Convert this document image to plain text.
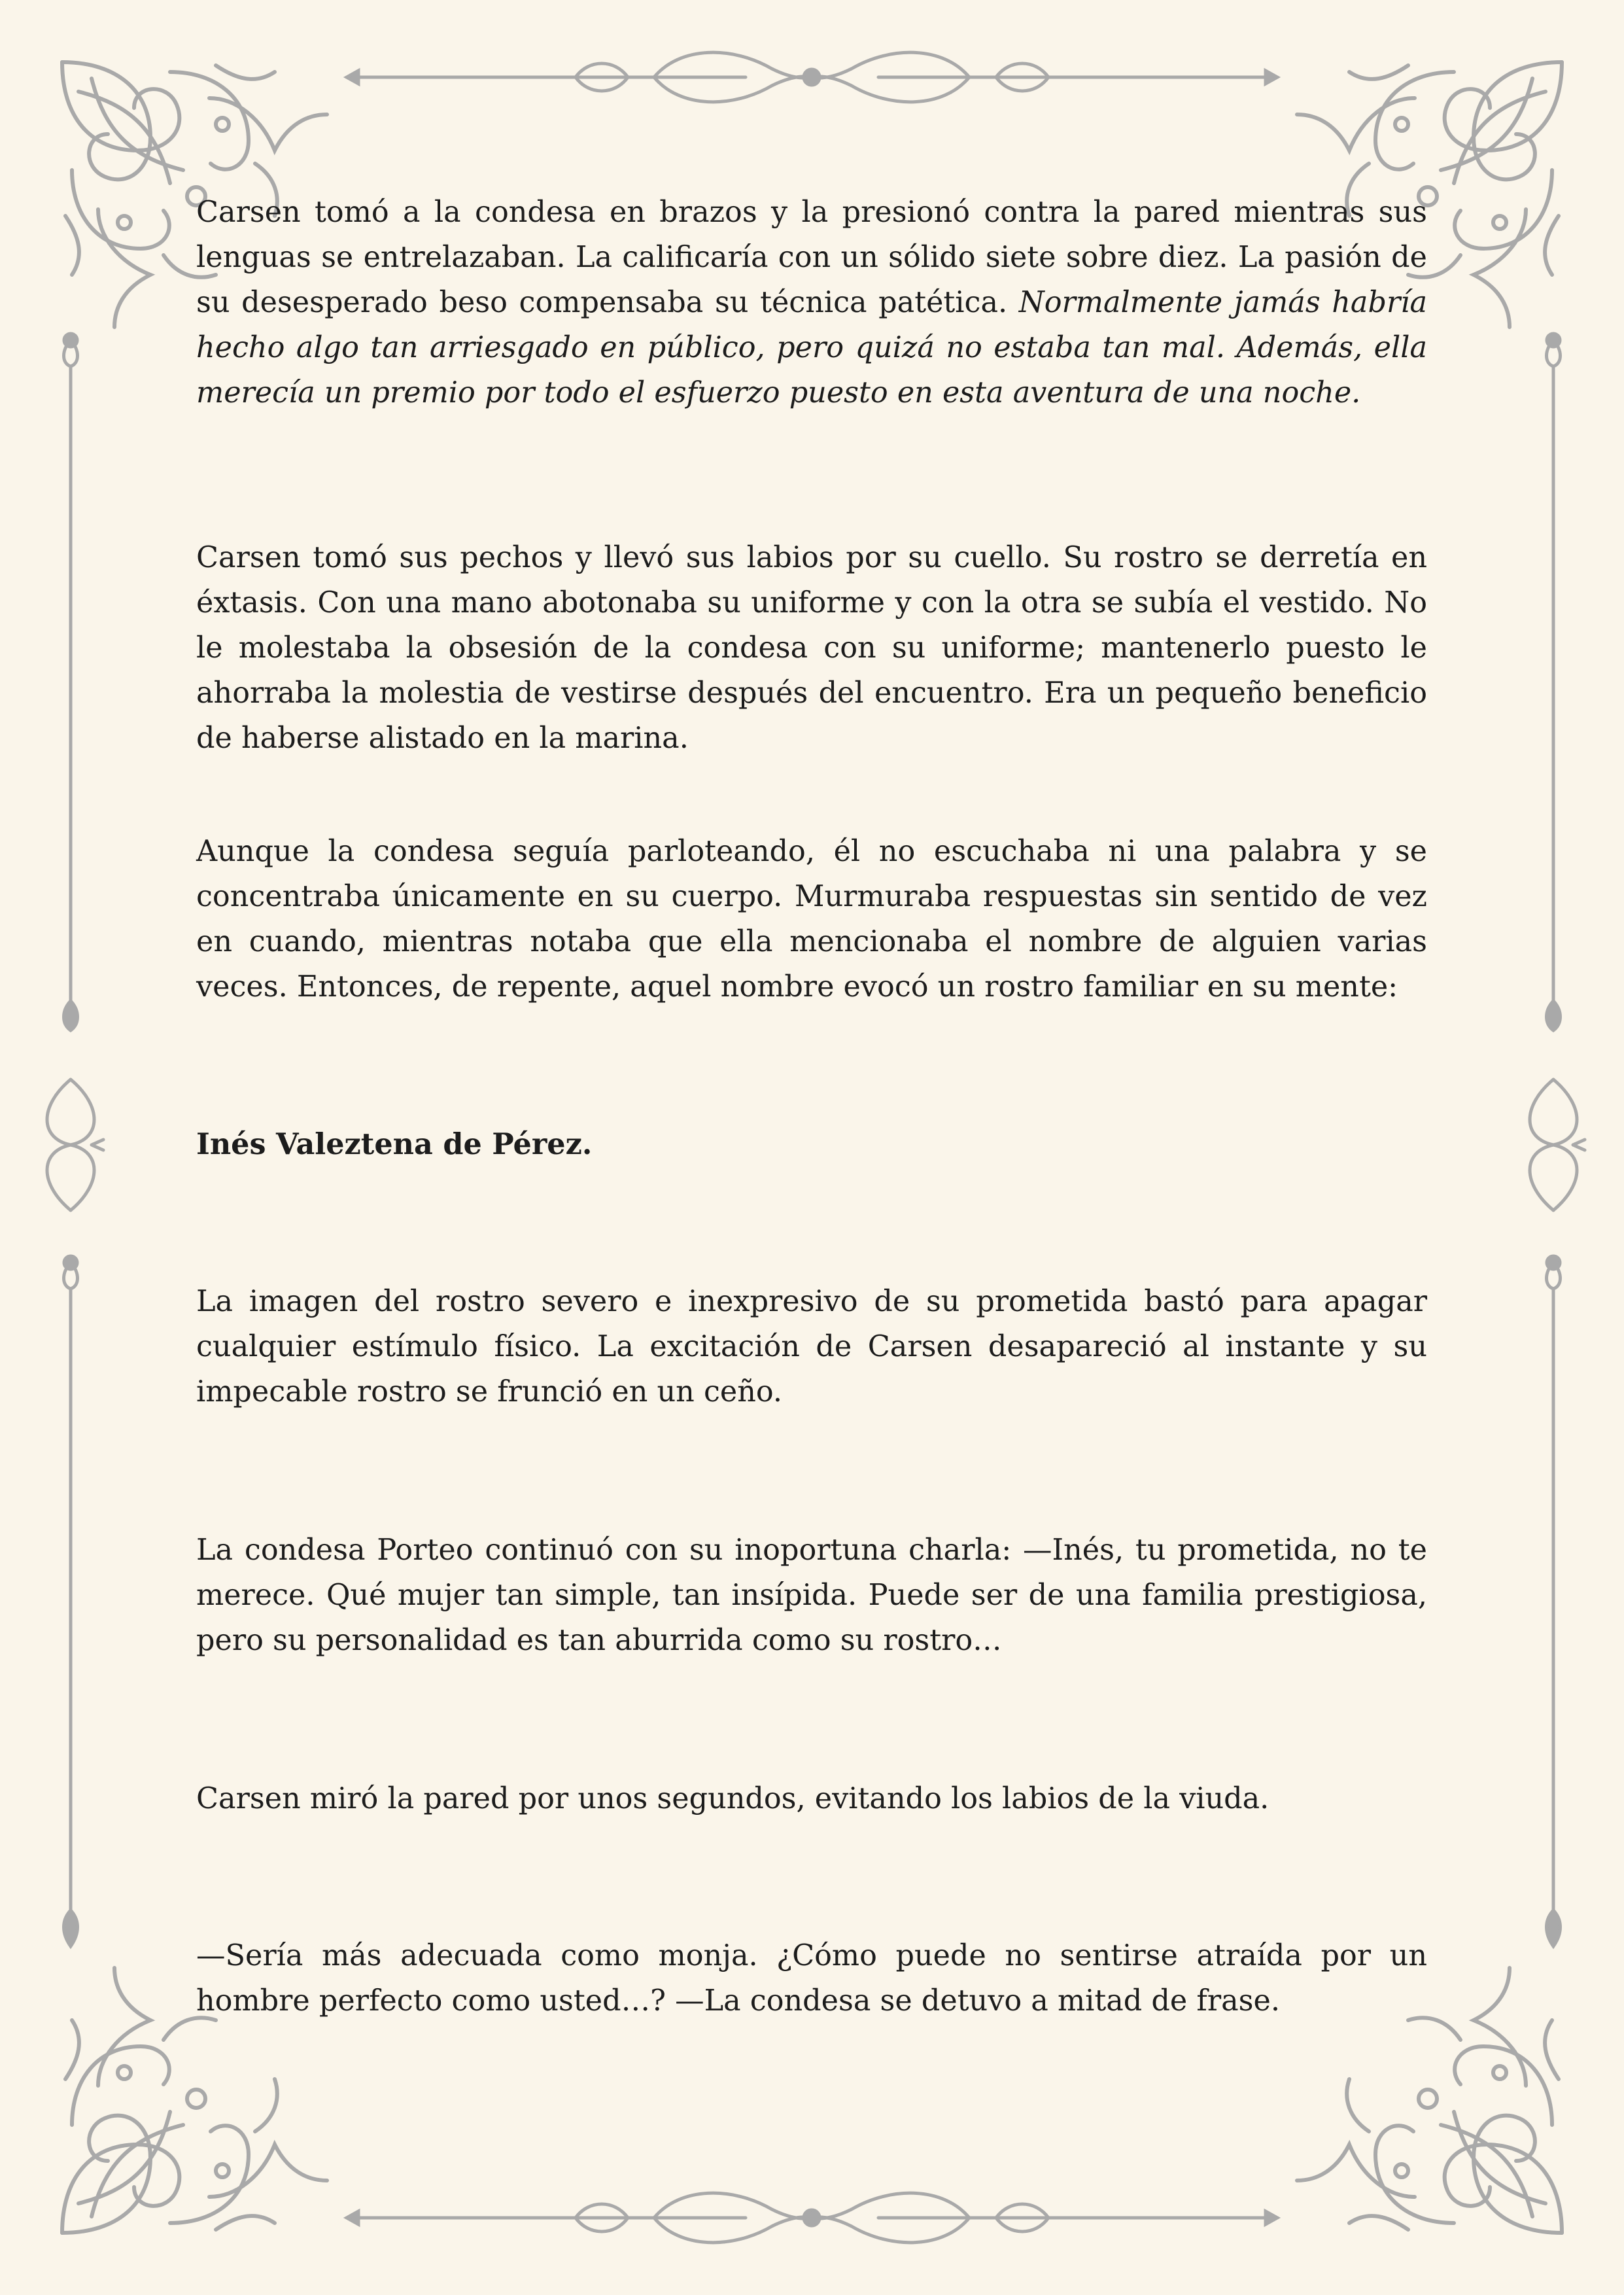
Carsen tomó a la condesa en brazos y la presionó contra la pared mientras sus lenguas se entrelazaban. La calificaría con un sólido siete sobre diez. La pasión de su desesperado beso compensaba su técnica patética. Normalmente jamás habría hecho algo tan arriesgado en público, pero quizá no estaba tan mal. Además, ella merecía un premio por todo el esfuerzo puesto en esta aventura de una noche.

Carsen tomó sus pechos y llevó sus labios por su cuello. Su rostro se derretía en éxtasis. Con una mano abotonaba su uniforme y con la otra se subía el vestido. No le molestaba la obsesión de la condesa con su uniforme; mantenerlo puesto le ahorraba la molestia de vestirse después del encuentro. Era un pequeño beneficio de haberse alistado en la marina.

Aunque la condesa seguía parloteando, él no escuchaba ni una palabra y se concentraba únicamente en su cuerpo. Murmuraba respuestas sin sentido de vez en cuando, mientras notaba que ella mencionaba el nombre de alguien varias veces. Entonces, de repente, aquel nombre evocó un rostro familiar en su mente:

Inés Valeztena de Pérez.

La imagen del rostro severo e inexpresivo de su prometida bastó para apagar cualquier estímulo físico. La excitación de Carsen desapareció al instante y su impecable rostro se frunció en un ceño.

La condesa Porteo continuó con su inoportuna charla: —Inés, tu prometida, no te merece. Qué mujer tan simple, tan insípida. Puede ser de una familia prestigiosa, pero su personalidad es tan aburrida como su rostro…

Carsen miró la pared por unos segundos, evitando los labios de la viuda.

—Sería más adecuada como monja. ¿Cómo puede no sentirse atraída por un hombre perfecto como usted…? —La condesa se detuvo a mitad de frase.
